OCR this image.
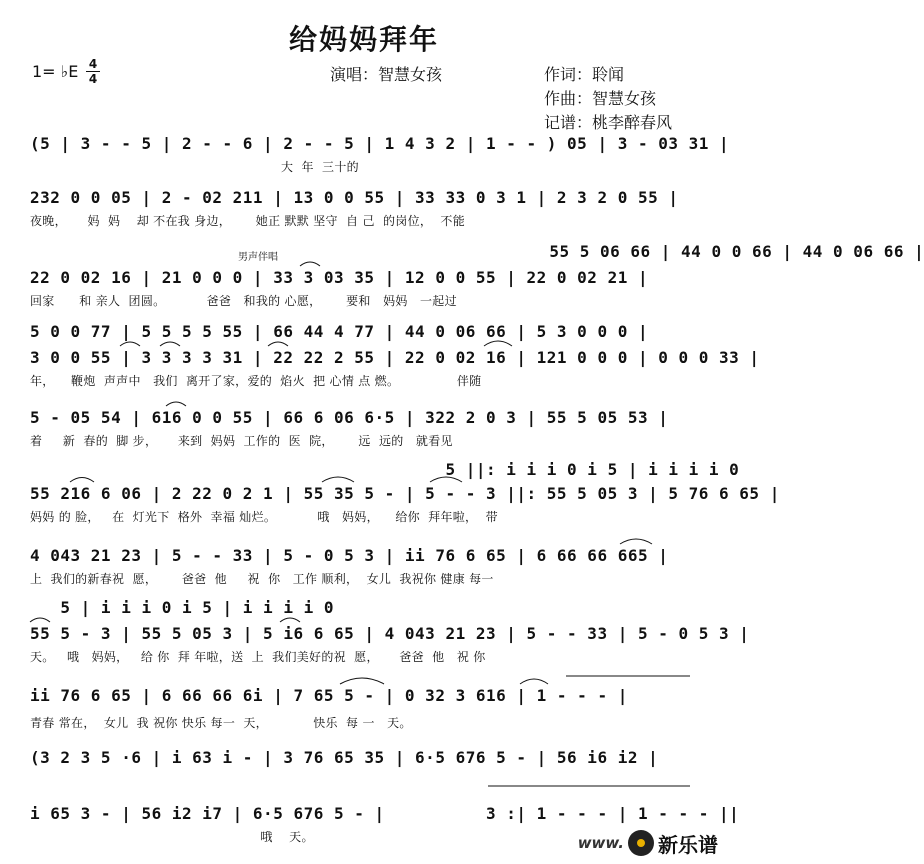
给妈妈拜年
1= ♭E 4
4	演唱：智慧女孩	作词：聆闻
作曲：智慧女孩
记谱：桃李醉春风
男声伴唱
(5 | 3 - - 5 | 2 - - 6 | 2 - - 5 | 1 4 3 2 | 1 - - ) 05 | 3 - 03 31 |
大  年  三十的
232 0 0 05 | 2 - 02 211 | 13 0 0 55 | 33 33 0 3 1 | 2 3 2 0 55 |
夜晚，     妈  妈    却 不在我 身边，      她正 默默 坚守  自 己  的岗位，  不能
55 5 06 66 | 44 0 0 66 | 44 0 06 66 |
22 0 02 16 | 21 0 0 0 | 33 3 03 35 | 12 0 0 55 | 22 0 02 21 |
回家      和 亲人  团圆。          爸爸   和我的 心愿，      要和   妈妈   一起过
5 0 0 77 | 5 5 5 5 55 | 66 44 4 77 | 44 0 06 66 | 5 3 0 0 0 |
3 0 0 55 | 3 3 3 3 31 | 22 22 2 55 | 22 0 02 16 | 121 0 0 0 | 0 0 0 33 |
年，    鞭炮  声声中   我们  离开了家，爱的  焰火  把 心情 点 燃。              伴随
5 - 05 54 | 616 0 0 55 | 66 6 06 6·5 | 322 2 0 3 | 55 5 05 53 |
着     新  春的  脚 步，     来到  妈妈  工作的  医  院，      远  远的   就看见
5 ||: i i i 0 i 5 | i i i i 0
55 216 6 06 | 2 22 0 2 1 | 55 35 5 - | 5 - - 3 ||: 55 5 05 3 | 5 76 6 65 |
妈妈 的 脸，   在  灯光下  格外  幸福 灿烂。          哦   妈妈，    给你  拜年啦，  带
4 043 21 23 | 5 - - 33 | 5 - 0 5 3 | ii 76 6 65 | 6 66 66 665 |
上  我们的新春祝  愿，      爸爸  他     祝  你   工作 顺利，  女儿  我祝你 健康 每一
5 | i i i 0 i 5 | i i i i 0
55 5 - 3 | 55 5 05 3 | 5 i6 6 65 | 4 043 21 23 | 5 - - 33 | 5 - 0 5 3 |
天。   哦   妈妈，   给 你  拜 年啦，送  上  我们美好的祝  愿，     爸爸  他   祝 你
ii 76 6 65 | 6 66 66 6i | 7 65 5 - | 0 32 3 616 | 1 - - - |
青春 常在，  女儿  我 祝你 快乐 每一  天，           快乐  每 一   天。
(3 2 3 5 ·6 | i 63 i - | 3 76 65 35 | 6·5 676 5 - | 56 i6 i2 |
i 65 3 - | 56 i2 i7 | 6·5 676 5 - |          3 :| 1 - - - | 1 - - - ||
哦    天。	www. 新乐谱
